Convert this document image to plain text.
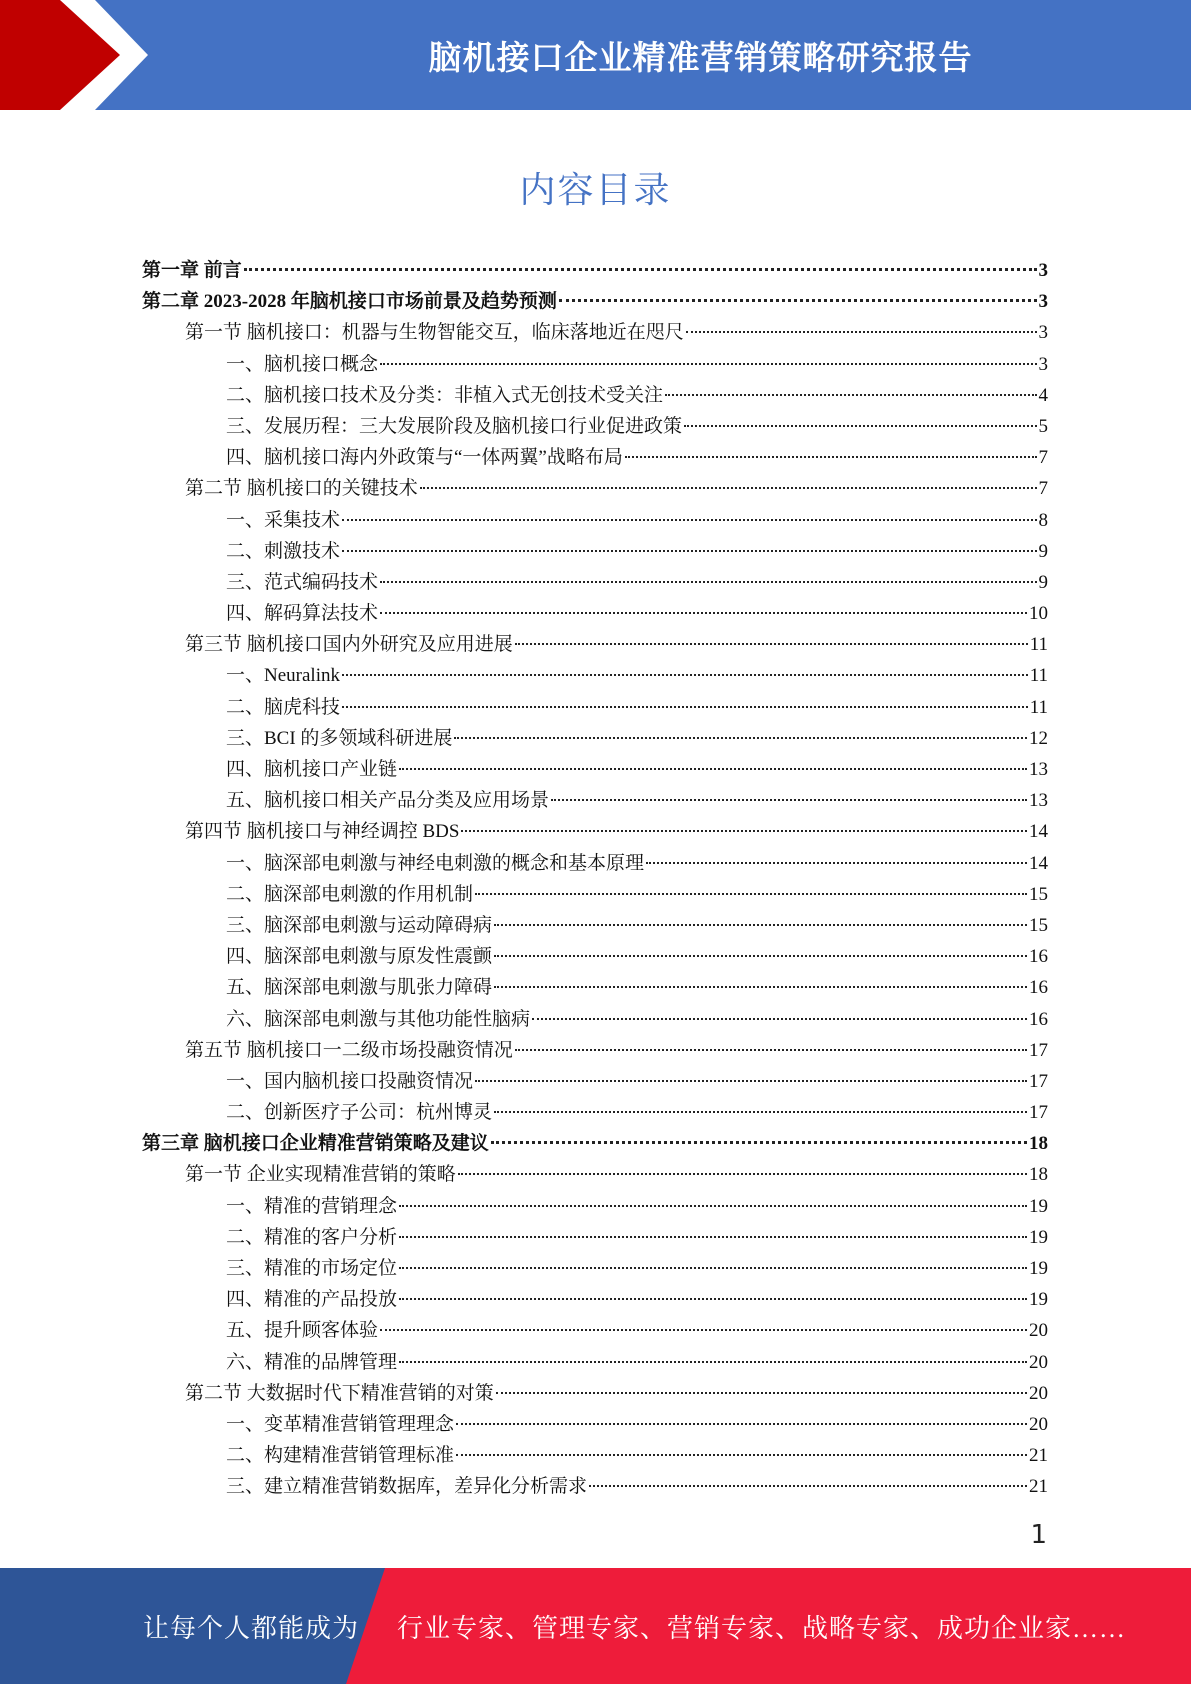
脑机接口企业精准营销策略研究报告
内容目录
第一章 前言	3
第二章 2023-2028 年脑机接口市场前景及趋势预测	3
第一节 脑机接口：机器与生物智能交互，临床落地近在咫尺	3
一、脑机接口概念	3
二、脑机接口技术及分类：非植入式无创技术受关注	4
三、发展历程：三大发展阶段及脑机接口行业促进政策	5
四、脑机接口海内外政策与“一体两翼”战略布局	7
第二节 脑机接口的关键技术	7
一、采集技术	8
二、刺激技术	9
三、范式编码技术	9
四、解码算法技术	10
第三节 脑机接口国内外研究及应用进展	11
一、Neuralink	11
二、脑虎科技	11
三、BCI 的多领域科研进展	12
四、脑机接口产业链	13
五、脑机接口相关产品分类及应用场景	13
第四节 脑机接口与神经调控 BDS	14
一、脑深部电刺激与神经电刺激的概念和基本原理	14
二、脑深部电刺激的作用机制	15
三、脑深部电刺激与运动障碍病	15
四、脑深部电刺激与原发性震颤	16
五、脑深部电刺激与肌张力障碍	16
六、脑深部电刺激与其他功能性脑病	16
第五节 脑机接口一二级市场投融资情况	17
一、国内脑机接口投融资情况	17
二、创新医疗子公司：杭州博灵	17
第三章 脑机接口企业精准营销策略及建议	18
第一节 企业实现精准营销的策略	18
一、精准的营销理念	19
二、精准的客户分析	19
三、精准的市场定位	19
四、精准的产品投放	19
五、提升顾客体验	20
六、精准的品牌管理	20
第二节 大数据时代下精准营销的对策	20
一、变革精准营销管理理念	20
二、构建精准营销管理标准	21
三、建立精准营销数据库，差异化分析需求	21
1
让每个人都能成为 行业专家、管理专家、营销专家、战略专家、成功企业家……
